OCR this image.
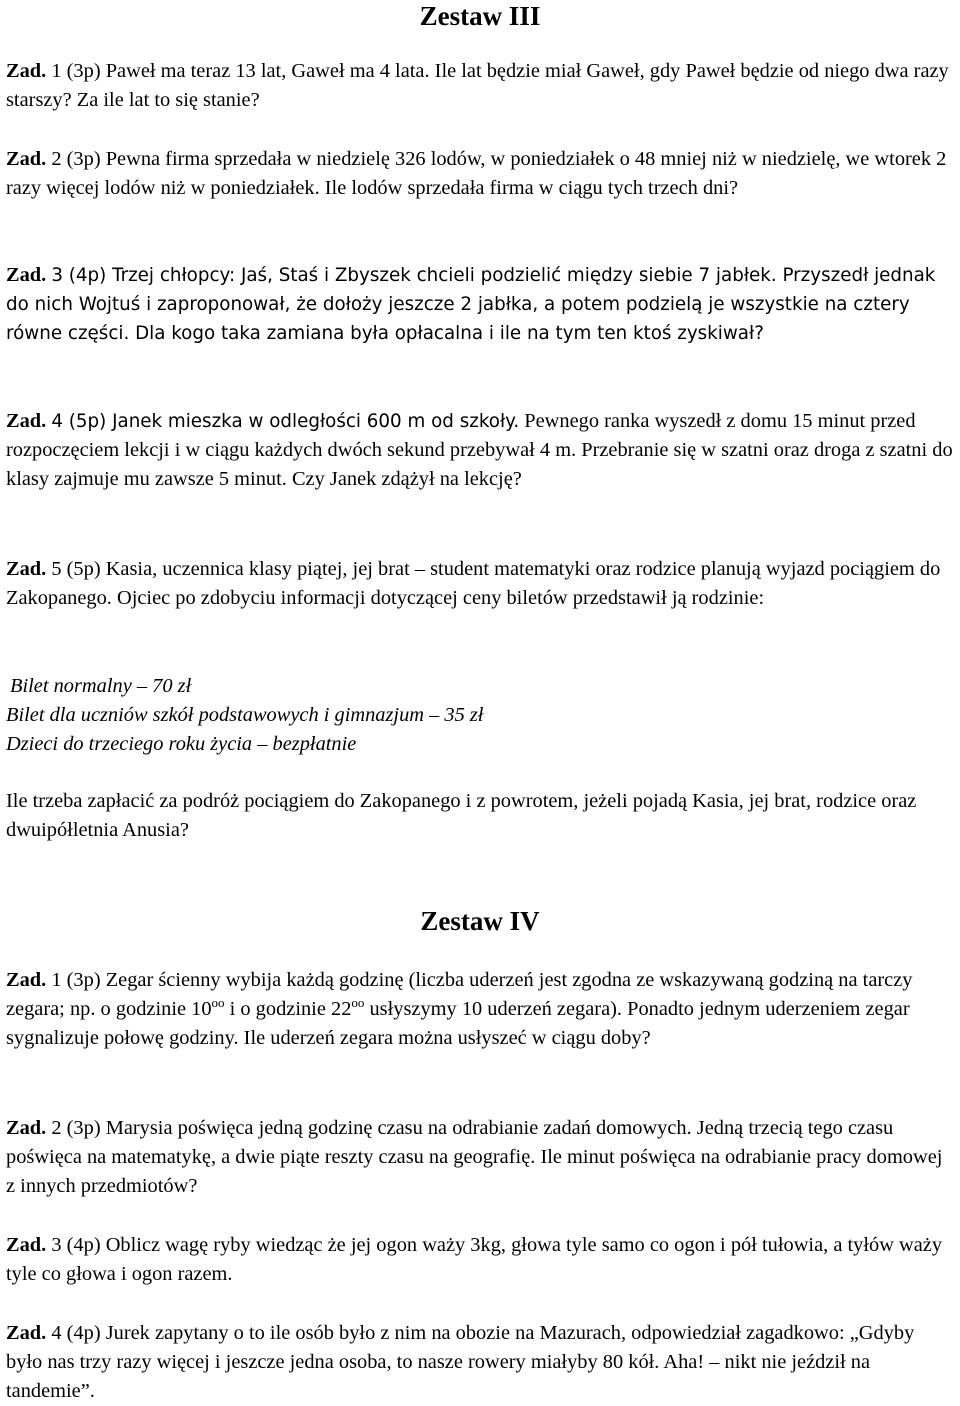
Zestaw III

Zad. 1 (3p) Paweł ma teraz 13 lat, Gaweł ma 4 lata. Ile lat będzie miał Gaweł, gdy Paweł będzie od niego dwa razy starszy? Za ile lat to się stanie?

Zad. 2 (3p) Pewna firma sprzedała w niedzielę 326 lodów, w poniedziałek o 48 mniej niż w niedzielę, we wtorek 2 razy więcej lodów niż w poniedziałek. Ile lodów sprzedała firma w ciągu tych trzech dni?

Zad. 3 (4p) Trzej chłopcy: Jaś, Staś i Zbyszek chcieli podzielić między siebie 7 jabłek. Przyszedł jednak do nich Wojtuś i zaproponował, że dołoży jeszcze 2 jabłka, a potem podzielą je wszystkie na cztery równe części. Dla kogo taka zamiana była opłacalna i ile na tym ten ktoś zyskiwał?

Zad. 4 (5p) Janek mieszka w odległości 600 m od szkoły. Pewnego ranka wyszedł z domu 15 minut przed rozpoczęciem lekcji i w ciągu każdych dwóch sekund przebywał 4 m. Przebranie się w szatni oraz droga z szatni do klasy zajmuje mu zawsze 5 minut. Czy Janek zdążył na lekcję?

Zad. 5 (5p) Kasia, uczennica klasy piątej, jej brat – student matematyki oraz rodzice planują wyjazd pociągiem do Zakopanego. Ojciec po zdobyciu informacji dotyczącej ceny biletów przedstawił ją rodzinie:

Bilet normalny – 70 zł
Bilet dla uczniów szkół podstawowych i gimnazjum – 35 zł
Dzieci do trzeciego roku życia – bezpłatnie

Ile trzeba zapłacić za podróż pociągiem do Zakopanego i z powrotem, jeżeli pojadą Kasia, jej brat, rodzice oraz dwuipółletnia Anusia?

Zestaw IV

Zad. 1 (3p) Zegar ścienny wybija każdą godzinę (liczba uderzeń jest zgodna ze wskazywaną godziną na tarczy zegara; np. o godzinie $10^{oo}$ i o godzinie $22^{oo}$ usłyszymy 10 uderzeń zegara). Ponadto jednym uderzeniem zegar sygnalizuje połowę godziny. Ile uderzeń zegara można usłyszeć w ciągu doby?

Zad. 2 (3p) Marysia poświęca jedną godzinę czasu na odrabianie zadań domowych. Jedną trzecią tego czasu poświęca na matematykę, a dwie piąte reszty czasu na geografię. Ile minut poświęca na odrabianie pracy domowej z innych przedmiotów?

Zad. 3 (4p) Oblicz wagę ryby wiedząc że jej ogon waży 3kg, głowa tyle samo co ogon i pół tułowia, a tyłów waży tyle co głowa i ogon razem.

Zad. 4 (4p) Jurek zapytany o to ile osób było z nim na obozie na Mazurach, odpowiedział zagadkowo: „Gdyby było nas trzy razy więcej i jeszcze jedna osoba, to nasze rowery miałyby 80 kół. Aha! – nikt nie jeździł na tandemie”.
